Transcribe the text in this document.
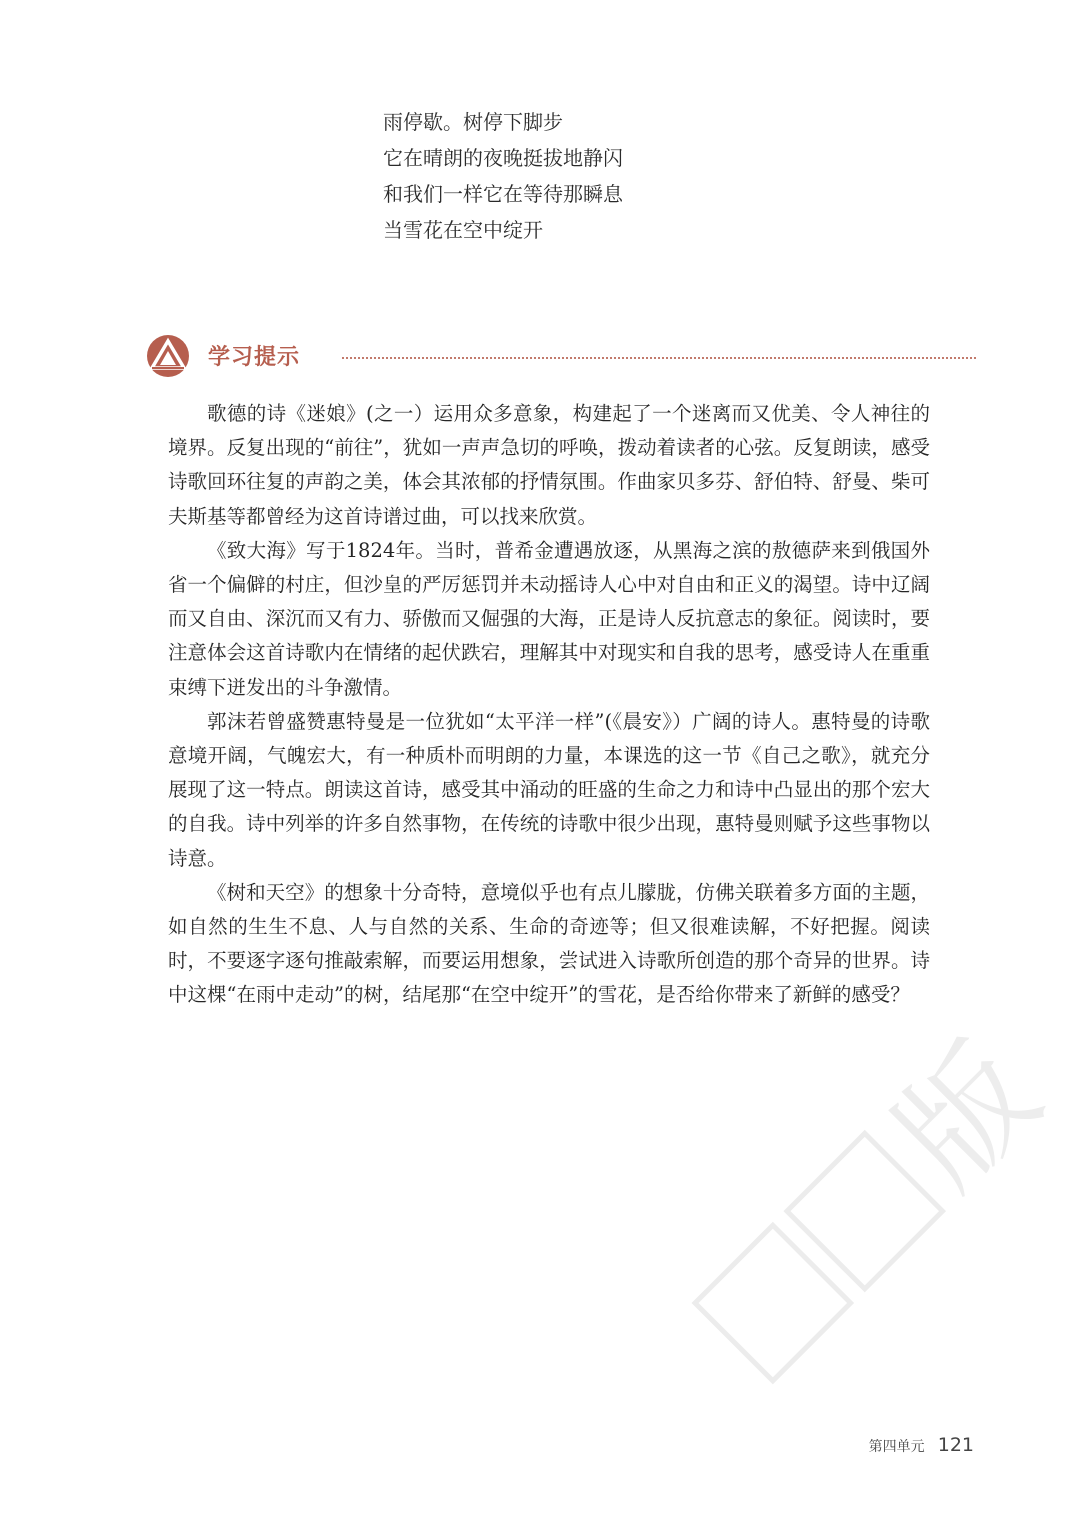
雨停歇。树停下脚步
它在晴朗的夜晚挺拔地静闪
和我们一样它在等待那瞬息
当雪花在空中绽开
学习提示

歌德的诗《迷娘》(之一）运用众多意象，构建起了一个迷离而又优美、令人神往的境界。反复出现的“前往”，犹如一声声急切的呼唤，拨动着读者的心弦。反复朗读，感受诗歌回环往复的声韵之美，体会其浓郁的抒情氛围。作曲家贝多芬、舒伯特、舒曼、柴可夫斯基等都曾经为这首诗谱过曲，可以找来欣赏。

《致大海》写于1824年。当时，普希金遭遇放逐，从黑海之滨的敖德萨来到俄国外省一个偏僻的村庄，但沙皇的严厉惩罚并未动摇诗人心中对自由和正义的渴望。诗中辽阔而又自由、深沉而又有力、骄傲而又倔强的大海，正是诗人反抗意志的象征。阅读时，要注意体会这首诗歌内在情绪的起伏跌宕，理解其中对现实和自我的思考，感受诗人在重重束缚下迸发出的斗争激情。

郭沫若曾盛赞惠特曼是一位犹如“太平洋一样”(《晨安》）广阔的诗人。惠特曼的诗歌意境开阔，气魄宏大，有一种质朴而明朗的力量，本课选的这一节《自己之歌》，就充分展现了这一特点。朗读这首诗，感受其中涌动的旺盛的生命之力和诗中凸显出的那个宏大的自我。诗中列举的许多自然事物，在传统的诗歌中很少出现，惠特曼则赋予这些事物以诗意。

《树和天空》的想象十分奇特，意境似乎也有点儿朦胧，仿佛关联着多方面的主题，如自然的生生不息、人与自然的关系、生命的奇迹等；但又很难读解，不好把握。阅读时，不要逐字逐句推敲索解，而要运用想象，尝试进入诗歌所创造的那个奇异的世界。诗中这棵“在雨中走动”的树，结尾那“在空中绽开”的雪花，是否给你带来了新鲜的感受？

版
第四单元 121
